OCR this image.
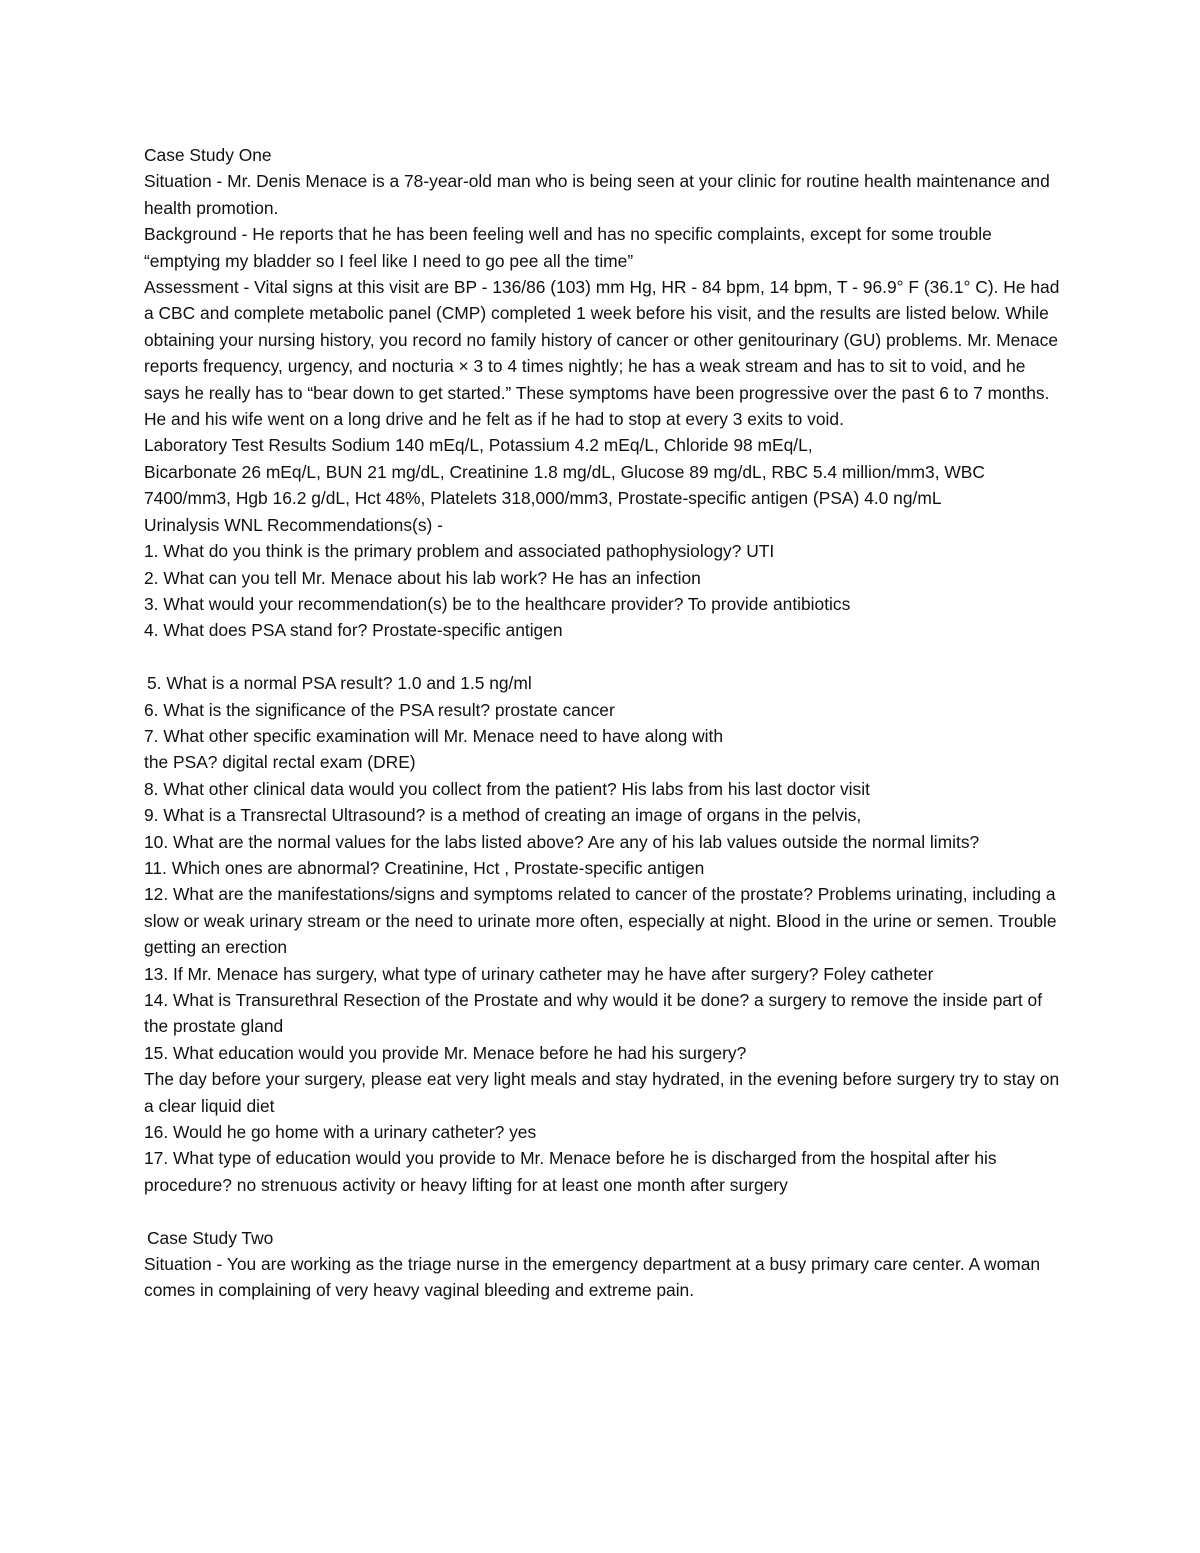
Case Study One

Situation - Mr. Denis Menace is a 78-year-old man who is being seen at your clinic for routine health maintenance and health promotion.

Background - He reports that he has been feeling well and has no specific complaints, except for some trouble “emptying my bladder so I feel like I need to go pee all the time”

Assessment - Vital signs at this visit are BP - 136/86 (103) mm Hg, HR - 84 bpm, 14 bpm, T - 96.9° F (36.1° C). He had a CBC and complete metabolic panel (CMP) completed 1 week before his visit, and the results are listed below. While obtaining your nursing history, you record no family history of cancer or other genitourinary (GU) problems. Mr. Menace reports frequency, urgency, and nocturia × 3 to 4 times nightly; he has a weak stream and has to sit to void, and he says he really has to “bear down to get started.” These symptoms have been progressive over the past 6 to 7 months. He and his wife went on a long drive and he felt as if he had to stop at every 3 exits to void.

Laboratory Test Results Sodium 140 mEq/L, Potassium 4.2 mEq/L, Chloride 98 mEq/L,

Bicarbonate 26 mEq/L, BUN 21 mg/dL, Creatinine 1.8 mg/dL, Glucose 89 mg/dL, RBC 5.4 million/mm3, WBC 7400/mm3, Hgb 16.2 g/dL, Hct 48%, Platelets 318,000/mm3, Prostate-specific antigen (PSA) 4.0 ng/mL

Urinalysis WNL Recommendations(s) -

1. What do you think is the primary problem and associated pathophysiology? UTI

2. What can you tell Mr. Menace about his lab work? He has an infection

3. What would your recommendation(s) be to the healthcare provider? To provide antibiotics

4. What does PSA stand for? Prostate-specific antigen

5. What is a normal PSA result? 1.0 and 1.5 ng/ml

6. What is the significance of the PSA result? prostate cancer

7. What other specific examination will Mr. Menace need to have along with

the PSA? digital rectal exam (DRE)

8. What other clinical data would you collect from the patient? His labs from his last doctor visit

9. What is a Transrectal Ultrasound? is a method of creating an image of organs in the pelvis,

10. What are the normal values for the labs listed above? Are any of his lab values outside the normal limits?

11. Which ones are abnormal? Creatinine, Hct , Prostate-specific antigen

12. What are the manifestations/signs and symptoms related to cancer of the prostate? Problems urinating, including a slow or weak urinary stream or the need to urinate more often, especially at night. Blood in the urine or semen. Trouble getting an erection

13. If Mr. Menace has surgery, what type of urinary catheter may he have after surgery? Foley catheter

14. What is Transurethral Resection of the Prostate and why would it be done? a surgery to remove the inside part of the prostate gland

15. What education would you provide Mr. Menace before he had his surgery?

The day before your surgery, please eat very light meals and stay hydrated, in the evening before surgery try to stay on a clear liquid diet

16. Would he go home with a urinary catheter? yes

17. What type of education would you provide to Mr. Menace before he is discharged from the hospital after his procedure? no strenuous activity or heavy lifting for at least one month after surgery

Case Study Two

Situation - You are working as the triage nurse in the emergency department at a busy primary care center. A woman comes in complaining of very heavy vaginal bleeding and extreme pain.
